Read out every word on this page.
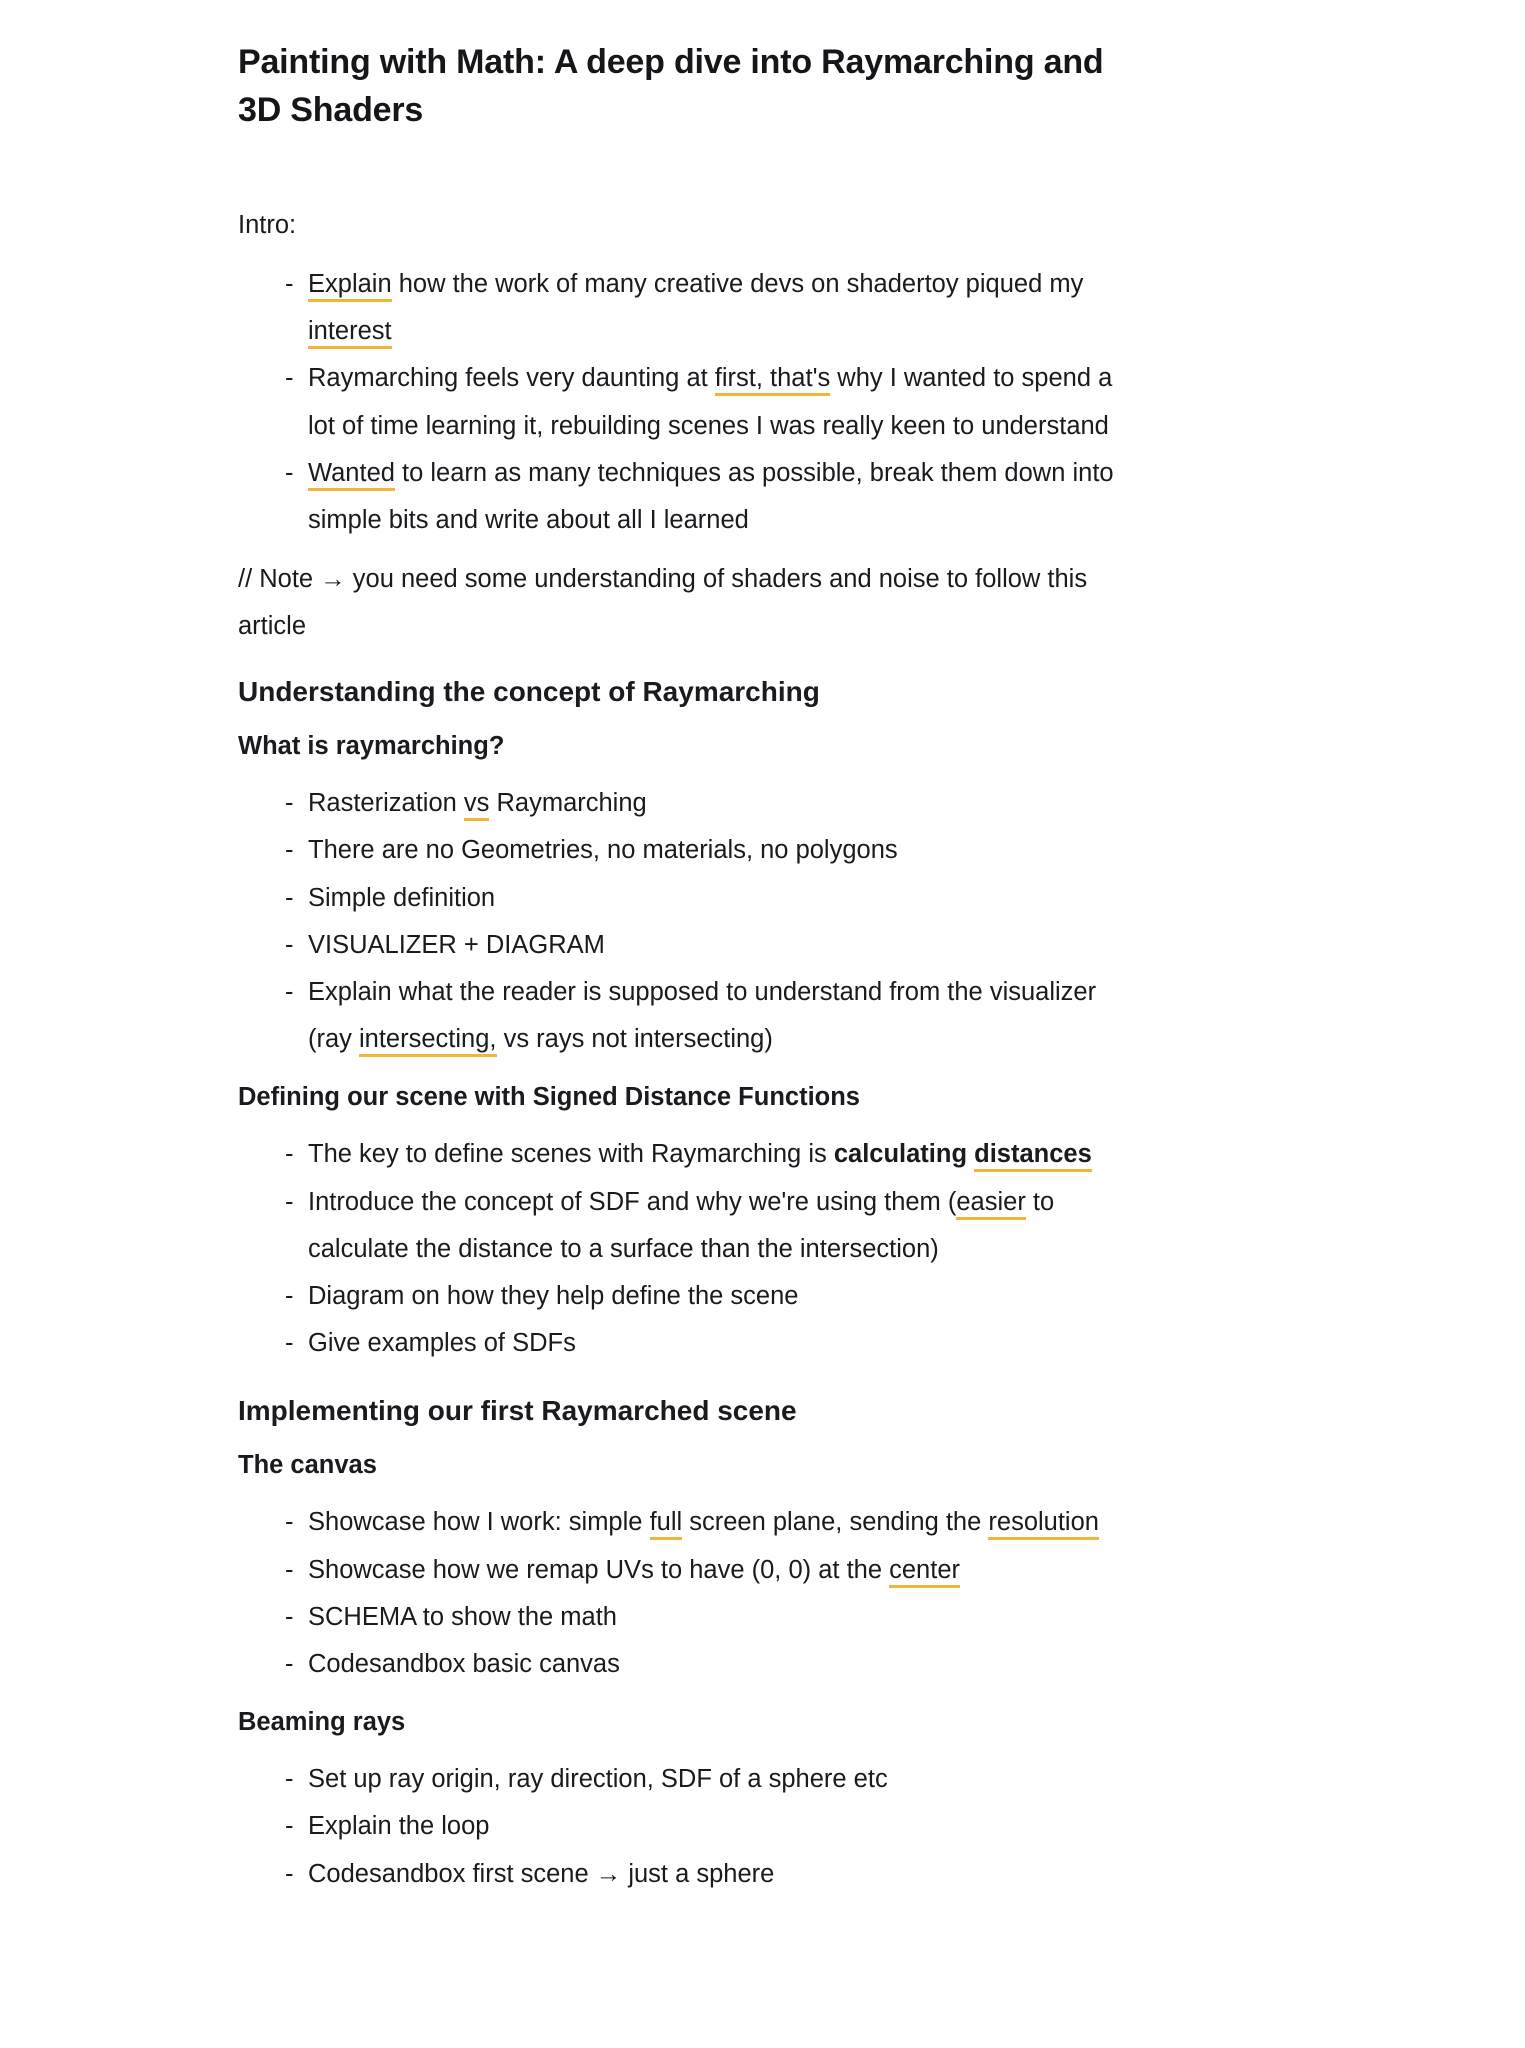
Painting with Math: A deep dive into Raymarching and 3D Shaders

Intro:

- Explain how the work of many creative devs on shadertoy piqued my interest
- Raymarching feels very daunting at first, that's why I wanted to spend a lot of time learning it, rebuilding scenes I was really keen to understand
- Wanted to learn as many techniques as possible, break them down into simple bits and write about all I learned

// Note → you need some understanding of shaders and noise to follow this article

Understanding the concept of Raymarching
What is raymarching?
- Rasterization vs Raymarching
- There are no Geometries, no materials, no polygons
- Simple definition
- VISUALIZER + DIAGRAM
- Explain what the reader is supposed to understand from the visualizer (ray intersecting, vs rays not intersecting)
Defining our scene with Signed Distance Functions
- The key to define scenes with Raymarching is calculating distances
- Introduce the concept of SDF and why we're using them (easier to calculate the distance to a surface than the intersection)
- Diagram on how they help define the scene
- Give examples of SDFs
Implementing our first Raymarched scene
The canvas
- Showcase how I work: simple full screen plane, sending the resolution
- Showcase how we remap UVs to have (0, 0) at the center
- SCHEMA to show the math
- Codesandbox basic canvas
Beaming rays
- Set up ray origin, ray direction, SDF of a sphere etc
- Explain the loop
- Codesandbox first scene → just a sphere
